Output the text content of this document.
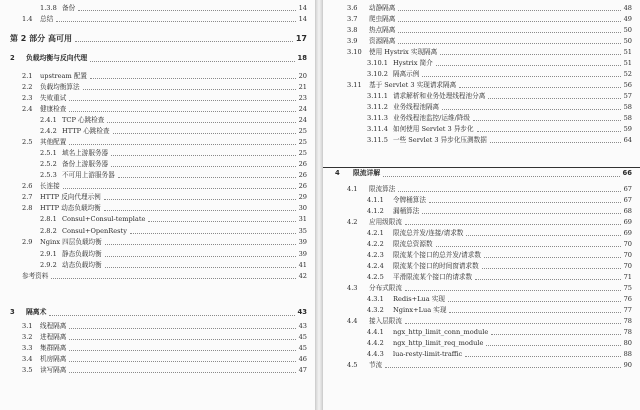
1.3.8 备份	14
1.4 总结	14
第 2 部分 高可用	17
2 负载均衡与反向代理	18
2.1 upstream 配置	20
2.2 负载均衡算法	21
2.3 失败重试	23
2.4 健康检查	24
2.4.1 TCP 心跳检查	24
2.4.2 HTTP 心跳检查	25
2.5 其他配置	25
2.5.1 域名上游服务器	25
2.5.2 备份上游服务器	26
2.5.3 不可用上游服务器	26
2.6 长连接	26
2.7 HTTP 反向代理示例	29
2.8 HTTP 动态负载均衡	30
2.8.1 Consul+Consul-template	31
2.8.2 Consul+OpenResty	35
2.9 Nginx 四层负载均衡	39
2.9.1 静态负载均衡	39
2.9.2 动态负载均衡	41
参考资料	42
3 隔离术	43
3.1 线程隔离	43
3.2 进程隔离	45
3.3 集群隔离	45
3.4 机房隔离	46
3.5 读写隔离	47
3.6 动静隔离	48
3.7 爬虫隔离	49
3.8 热点隔离	50
3.9 资源隔离	50
3.10 使用 Hystrix 实现隔离	51
3.10.1 Hystrix 简介	51
3.10.2 隔离示例	52
3.11 基于 Servlet 3 实现请求隔离	56
3.11.1 请求解析和业务处理线程池分离	57
3.11.2 业务线程池隔离	58
3.11.3 业务线程池监控/运维/降级	58
3.11.4 如何使用 Servlet 3 异步化	59
3.11.5 一些 Servlet 3 异步化压测数据	64
4 限流详解	66
4.1 限流算法	67
4.1.1 令牌桶算法	67
4.1.2 漏桶算法	68
4.2 应用级限流	69
4.2.1 限流总并发/连接/请求数	69
4.2.2 限流总资源数	70
4.2.3 限流某个接口的总并发/请求数	70
4.2.4 限流某个接口的时间窗请求数	70
4.2.5 平滑限流某个接口的请求数	71
4.3 分布式限流	75
4.3.1 Redis+Lua 实现	76
4.3.2 Nginx+Lua 实现	77
4.4 接入层限流	78
4.4.1 ngx_http_limit_conn_module	78
4.4.2 ngx_http_limit_req_module	80
4.4.3 lua-resty-limit-traffic	88
4.5 节流	90
